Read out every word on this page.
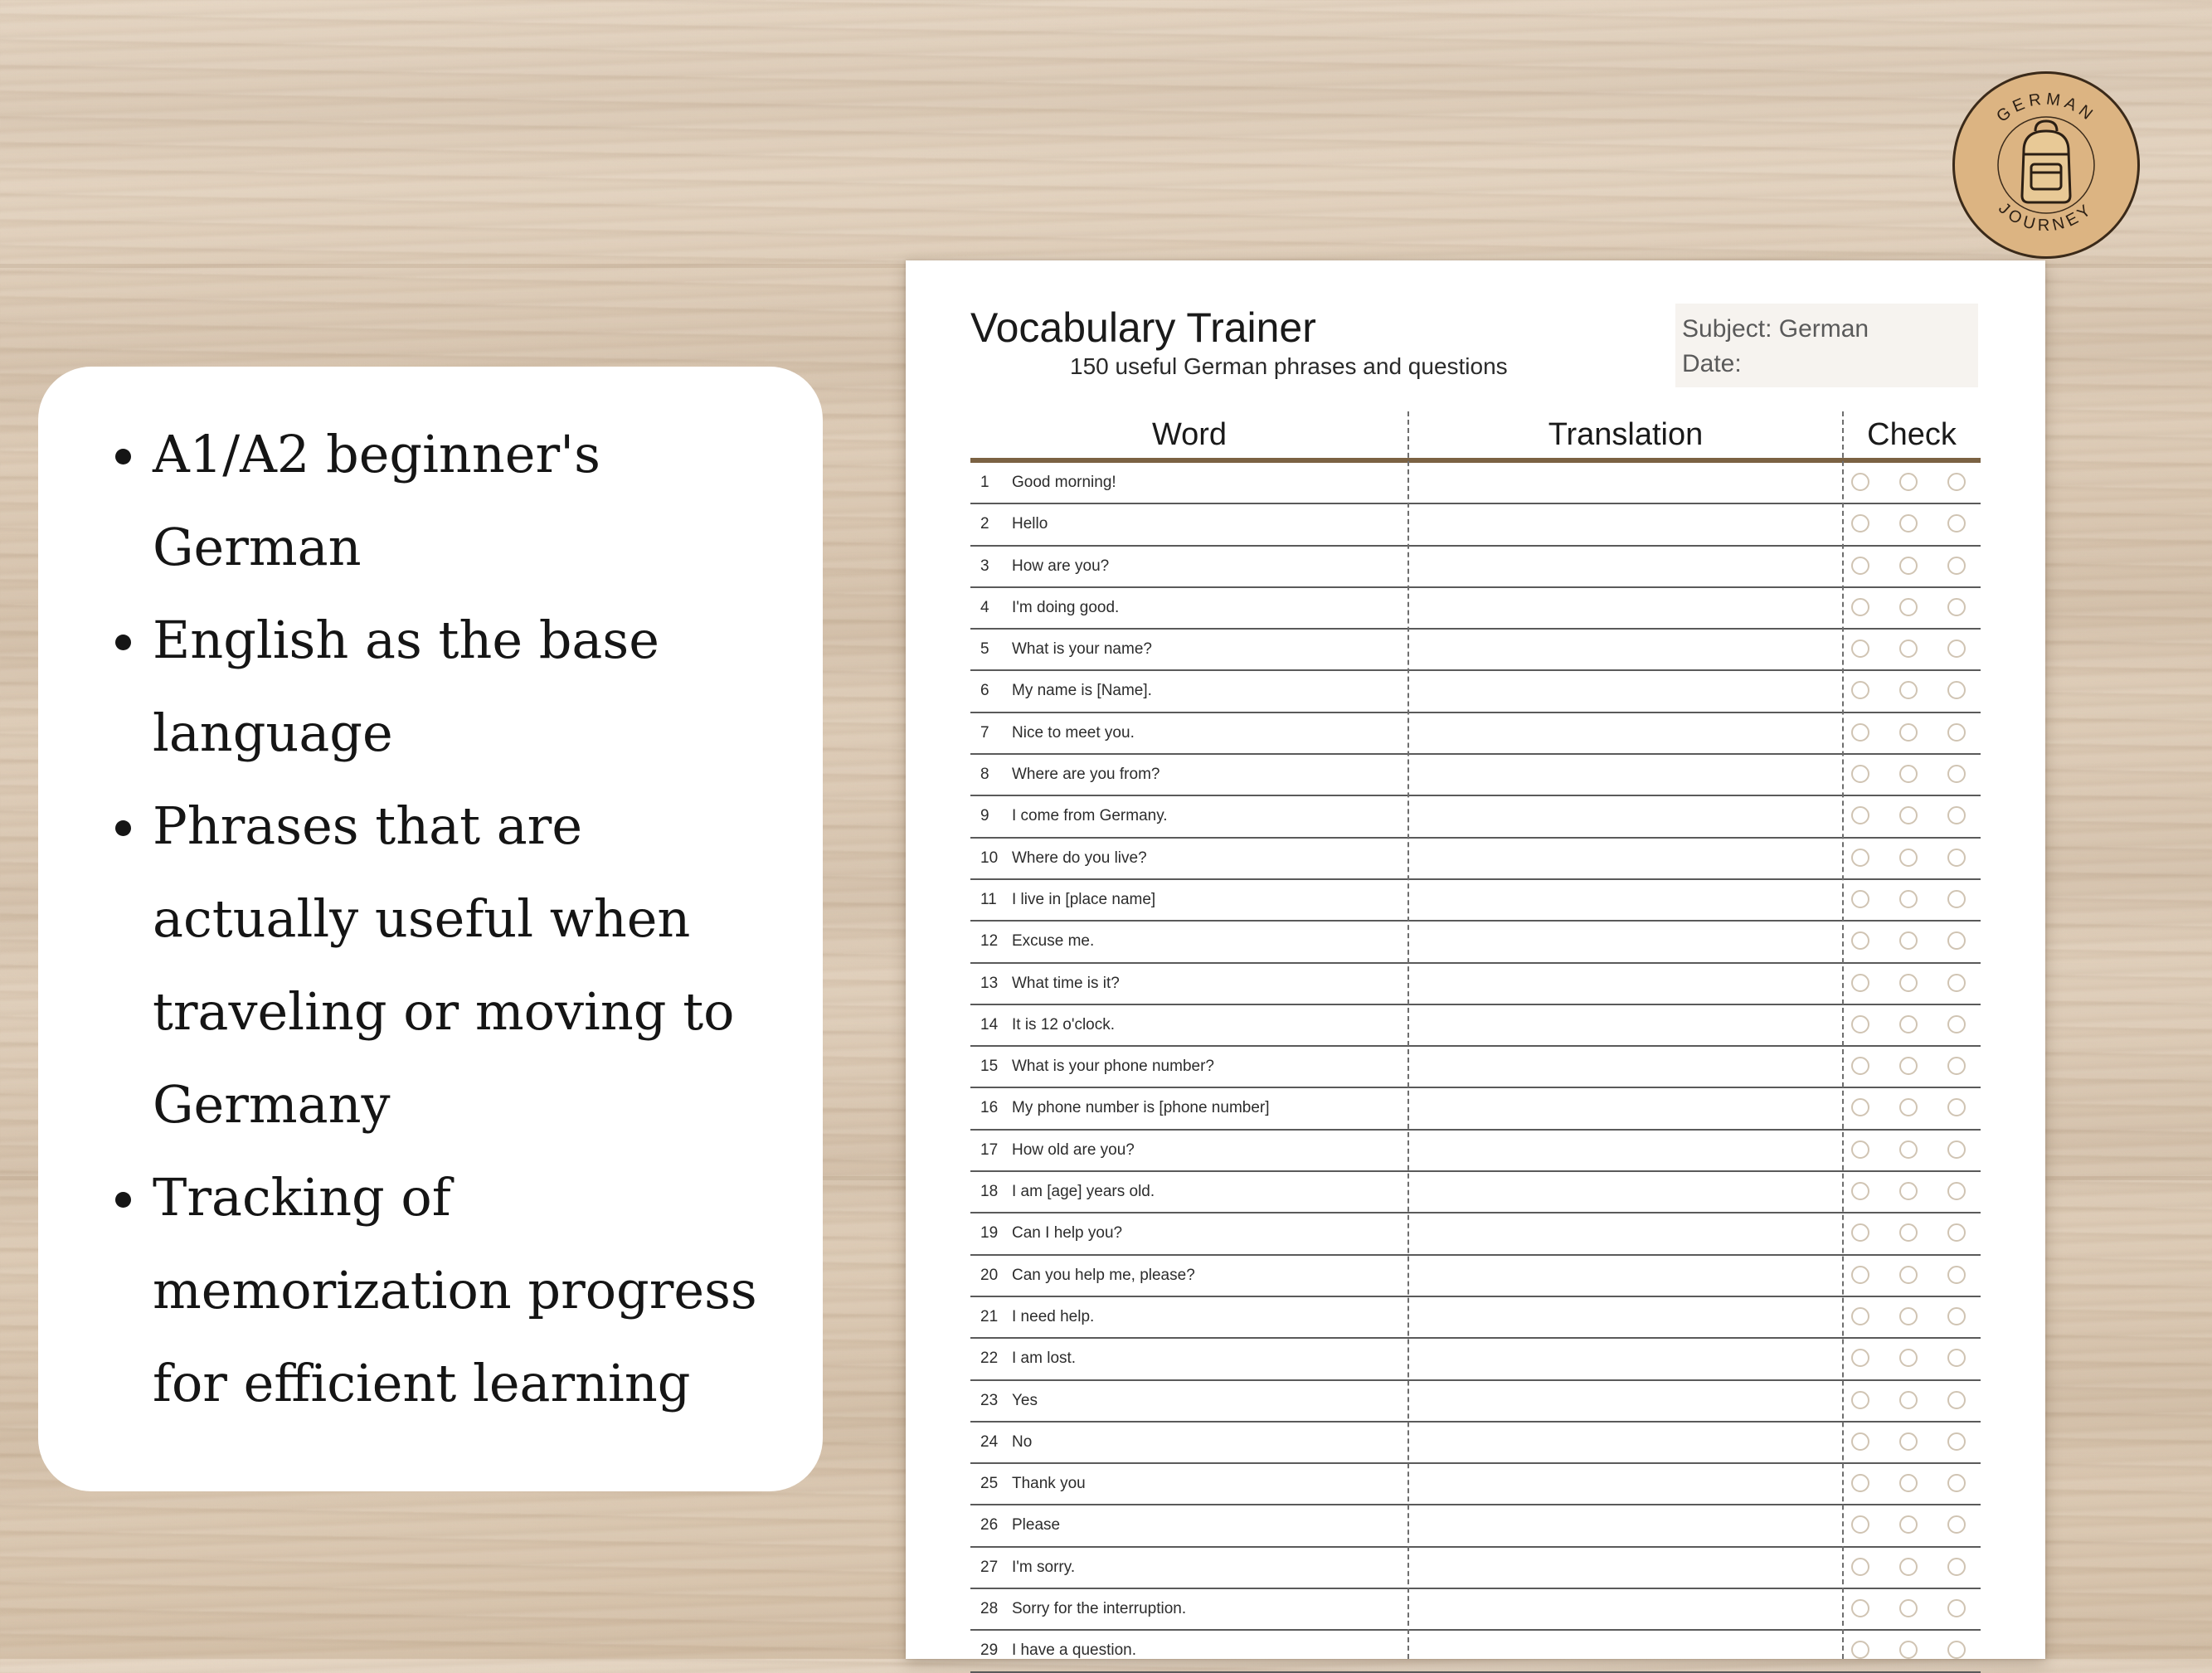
• A1/A2 beginner's German
• English as the base language
• Phrases that are actually useful when traveling or moving to Germany
• Tracking of memorization progress for efficient learning
Vocabulary Trainer
150 useful German phrases and questions
Subject: German
Date:
Word	Translation	Check
1 Good morning!
2 Hello
3 How are you?
4 I'm doing good.
5 What is your name?
6 My name is [Name].
7 Nice to meet you.
8 Where are you from?
9 I come from Germany.
10 Where do you live?
11 I live in [place name]
12 Excuse me.
13 What time is it?
14 It is 12 o'clock.
15 What is your phone number?
16 My phone number is [phone number]
17 How old are you?
18 I am [age] years old.
19 Can I help you?
20 Can you help me, please?
21 I need help.
22 I am lost.
23 Yes
24 No
25 Thank you
26 Please
27 I'm sorry.
28 Sorry for the interruption.
29 I have a question.
GERMAN
JOURNEY
